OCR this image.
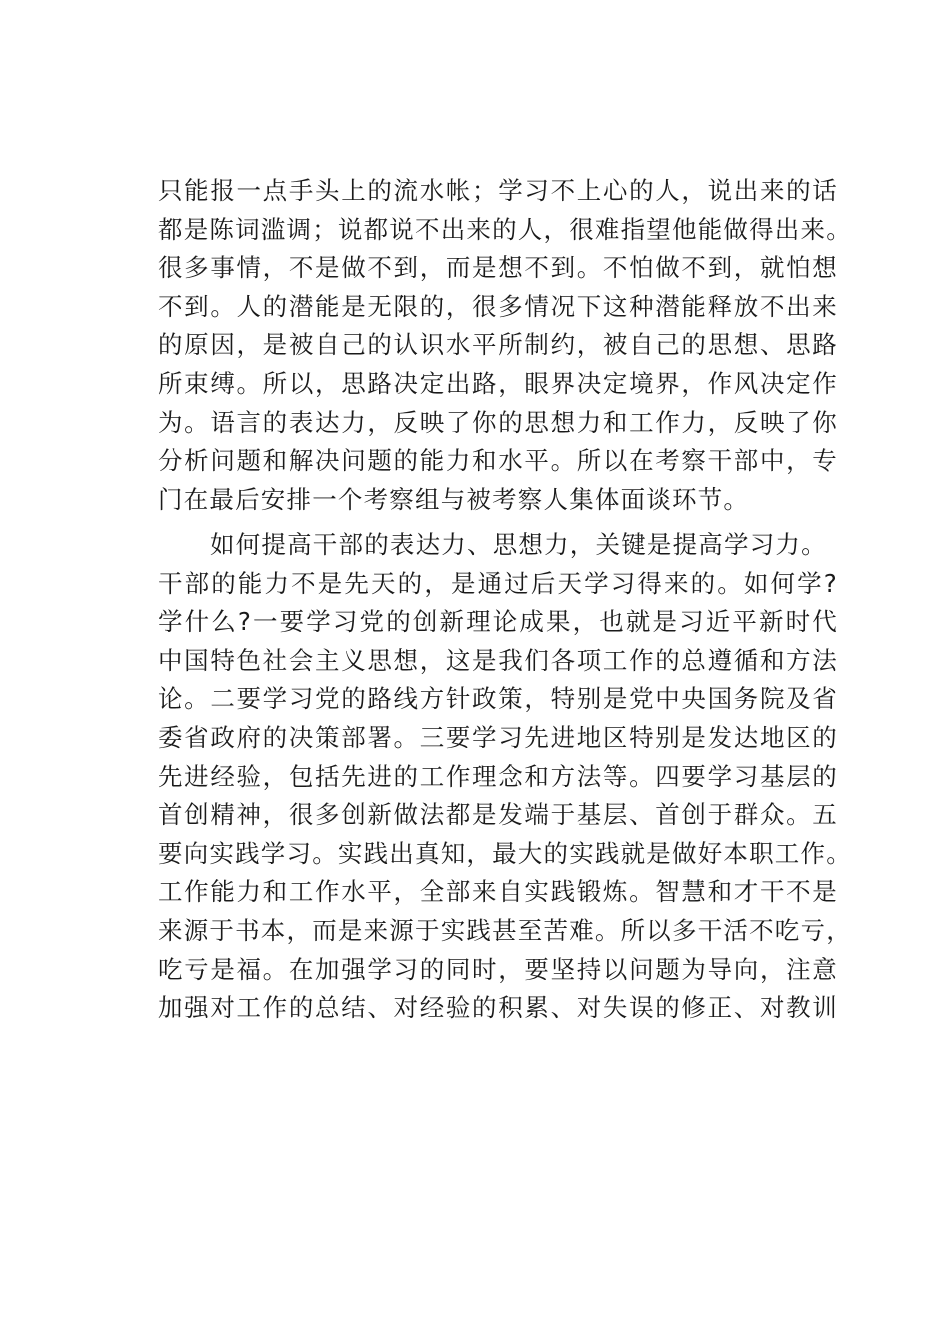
只能报一点手头上的流水帐；学习不上心的人，说出来的话
都是陈词滥调；说都说不出来的人，很难指望他能做得出来。
很多事情，不是做不到，而是想不到。不怕做不到，就怕想
不到。人的潜能是无限的，很多情况下这种潜能释放不出来
的原因，是被自己的认识水平所制约，被自己的思想、思路
所束缚。所以，思路决定出路，眼界决定境界，作风决定作
为。语言的表达力，反映了你的思想力和工作力，反映了你
分析问题和解决问题的能力和水平。所以在考察干部中，专
门在最后安排一个考察组与被考察人集体面谈环节。
如何提高干部的表达力、思想力，关键是提高学习力。
干部的能力不是先天的，是通过后天学习得来的。如何学?
学什么?一要学习党的创新理论成果，也就是习近平新时代
中国特色社会主义思想，这是我们各项工作的总遵循和方法
论。二要学习党的路线方针政策，特别是党中央国务院及省
委省政府的决策部署。三要学习先进地区特别是发达地区的
先进经验，包括先进的工作理念和方法等。四要学习基层的
首创精神，很多创新做法都是发端于基层、首创于群众。五
要向实践学习。实践出真知，最大的实践就是做好本职工作。
工作能力和工作水平，全部来自实践锻炼。智慧和才干不是
来源于书本，而是来源于实践甚至苦难。所以多干活不吃亏，
吃亏是福。在加强学习的同时，要坚持以问题为导向，注意
加强对工作的总结、对经验的积累、对失误的修正、对教训
